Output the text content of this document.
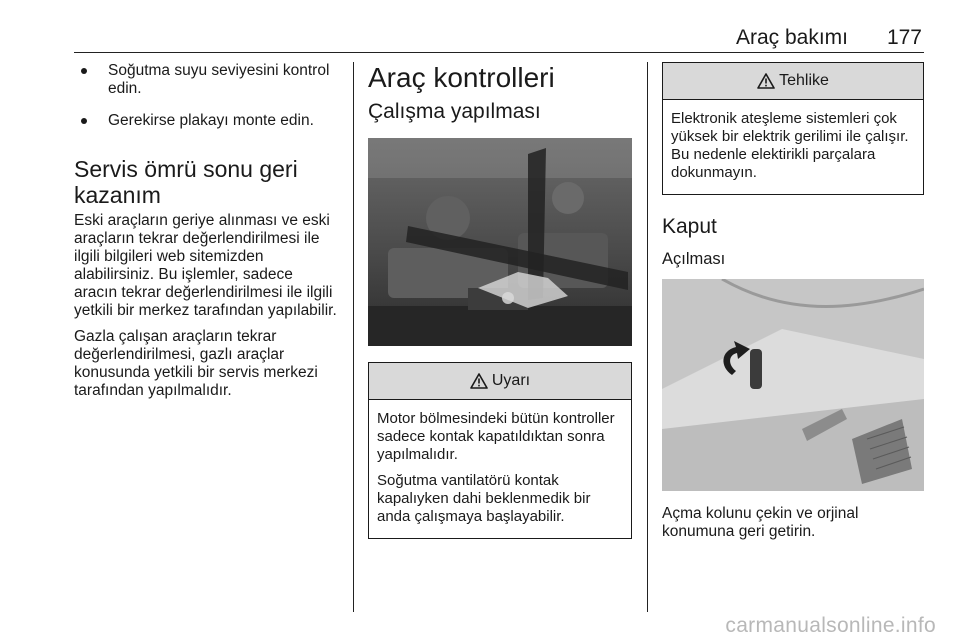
Araç bakımı 177
Soğutma suyu seviyesini kontrol edin.
Gerekirse plakayı monte edin.
Servis ömrü sonu geri kazanım

Eski araçların geriye alınması ve eski araçların tekrar değerlendirilmesi ile ilgili bilgileri web sitemizden alabilirsiniz. Bu işlemler, sadece aracın tekrar değerlendirilmesi ile ilgili yetkili bir merkez tarafından yapılabilir.

Gazla çalışan araçların tekrar değerlendirilmesi, gazlı araçlar konusunda yetkili bir servis merkezi tarafından yapılmalıdır.

Araç kontrolleri
Çalışma yapılması
Uyarı

Motor bölmesindeki bütün kontroller sadece kontak kapatıldıktan sonra yapılmalıdır.

Soğutma vantilatörü kontak kapalıyken dahi beklenmedik bir anda çalışmaya başlayabilir.

Tehlike

Elektronik ateşleme sistemleri çok yüksek bir elektrik gerilimi ile çalışır. Bu nedenle elektirikli parçalara dokunmayın.

Kaput
Açılması

Açma kolunu çekin ve orjinal konumuna geri getirin.

carmanualsonline.info
